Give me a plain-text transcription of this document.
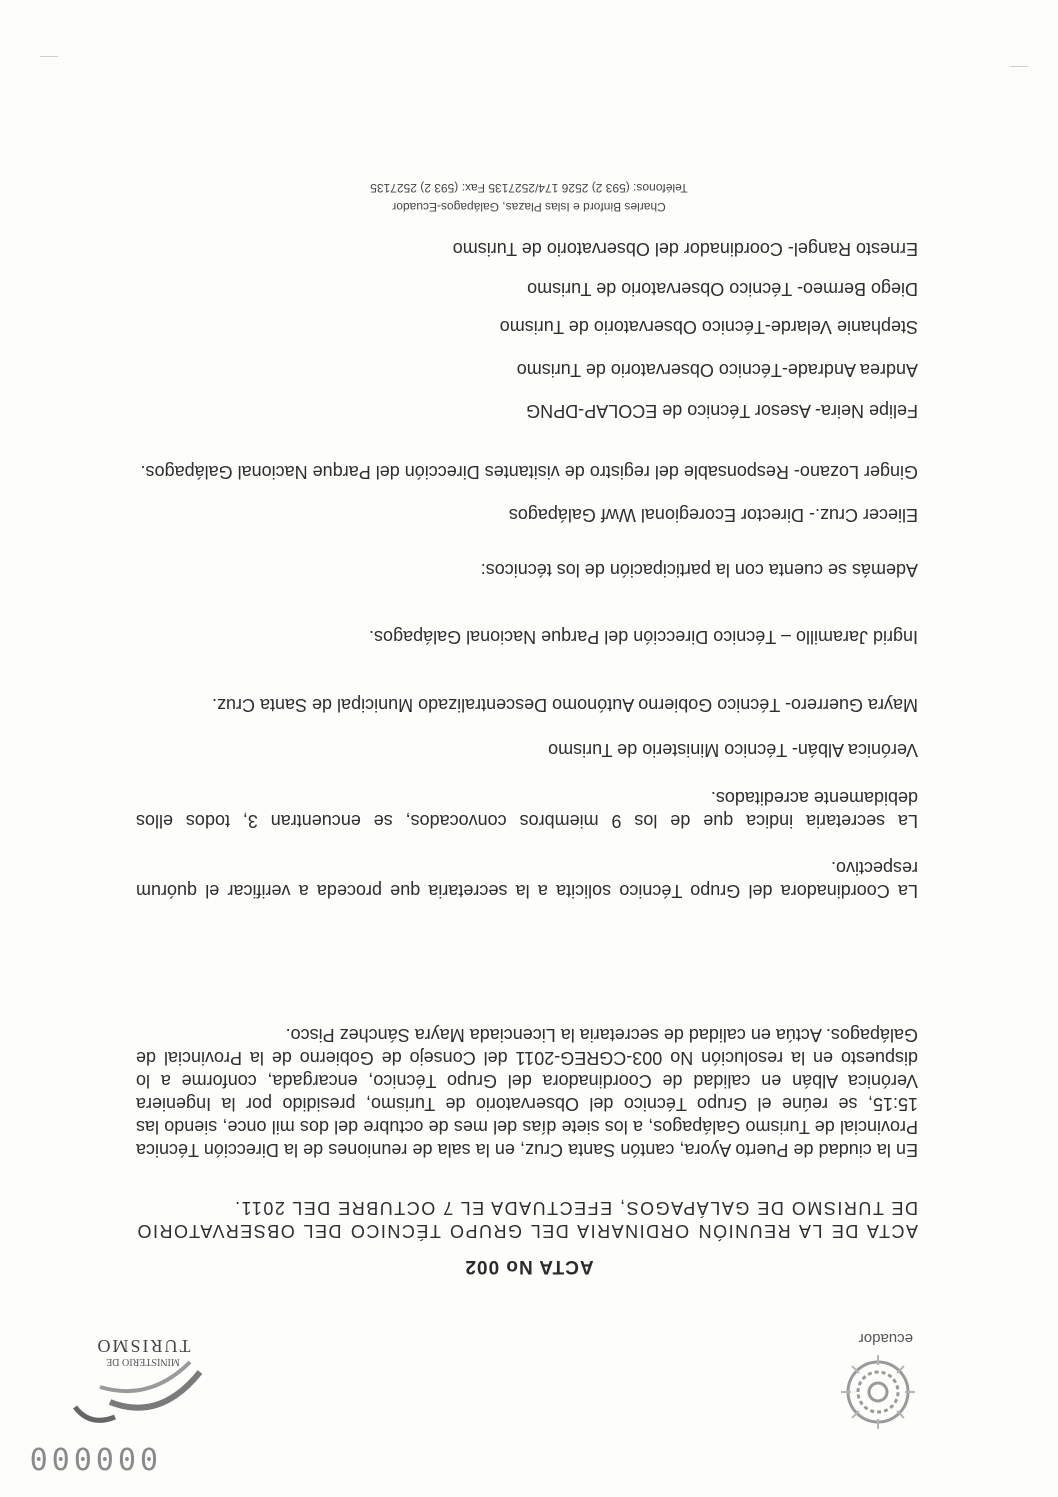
000000
ecuador
MINISTERIO DE
TURISMO
ACTA No 002
ACTA DE LA REUNIÓN ORDINARIA DEL GRUPO TÉCNICO DEL OBSERVATORIO DE TURISMO DE GALÁPAGOS, EFECTUADA EL 7 OCTUBRE DEL 2011.
En la ciudad de Puerto Ayora, cantón Santa Cruz, en la sala de reuniones de la Dirección Técnica Provincial de Turismo Galápagos, a los siete días del mes de octubre del dos mil once, siendo las 15:15, se reúne el Grupo Técnico del Observatorio de Turismo, presidido por la Ingeniera Verónica Albán en calidad de Coordinadora del Grupo Técnico, encargada, conforme a lo dispuesto en la resolución No 003-CGREG-2011 del Consejo de Gobierno de la Provincial de Galápagos. Actúa en calidad de secretaria la Licenciada Mayra Sánchez Pisco.
La Coordinadora del Grupo Técnico solicita a la secretaria que proceda a verificar el quórum respectivo.
La secretaria indica que de los 9 miembros convocados, se encuentran 3, todos ellos debidamente acreditados.
Verónica Albán- Técnico Ministerio de Turismo
Mayra Guerrero- Técnico Gobierno Autónomo Descentralizado Municipal de Santa Cruz.
Ingrid Jaramillo – Técnico Dirección del Parque Nacional Galápagos.
Además se cuenta con la participación de los técnicos:
Eliecer Cruz.- Director Ecoregional Wwf Galápagos
Ginger Lozano- Responsable del registro de visitantes Dirección del Parque Nacional Galápagos.
Felipe Neira- Asesor Técnico de ECOLAP-DPNG
Andrea Andrade-Técnico Observatorio de Turismo
Stephanie Velarde-Técnico Observatorio de Turismo
Diego Bermeo- Técnico Observatorio de Turismo
Ernesto Rangel- Coordinador del Observatorio de Turismo
Charles Binford e Islas Plazas, Galápagos-Ecuador
Teléfonos: (593 2) 2526 174/2527135 Fax: (593 2) 2527135
